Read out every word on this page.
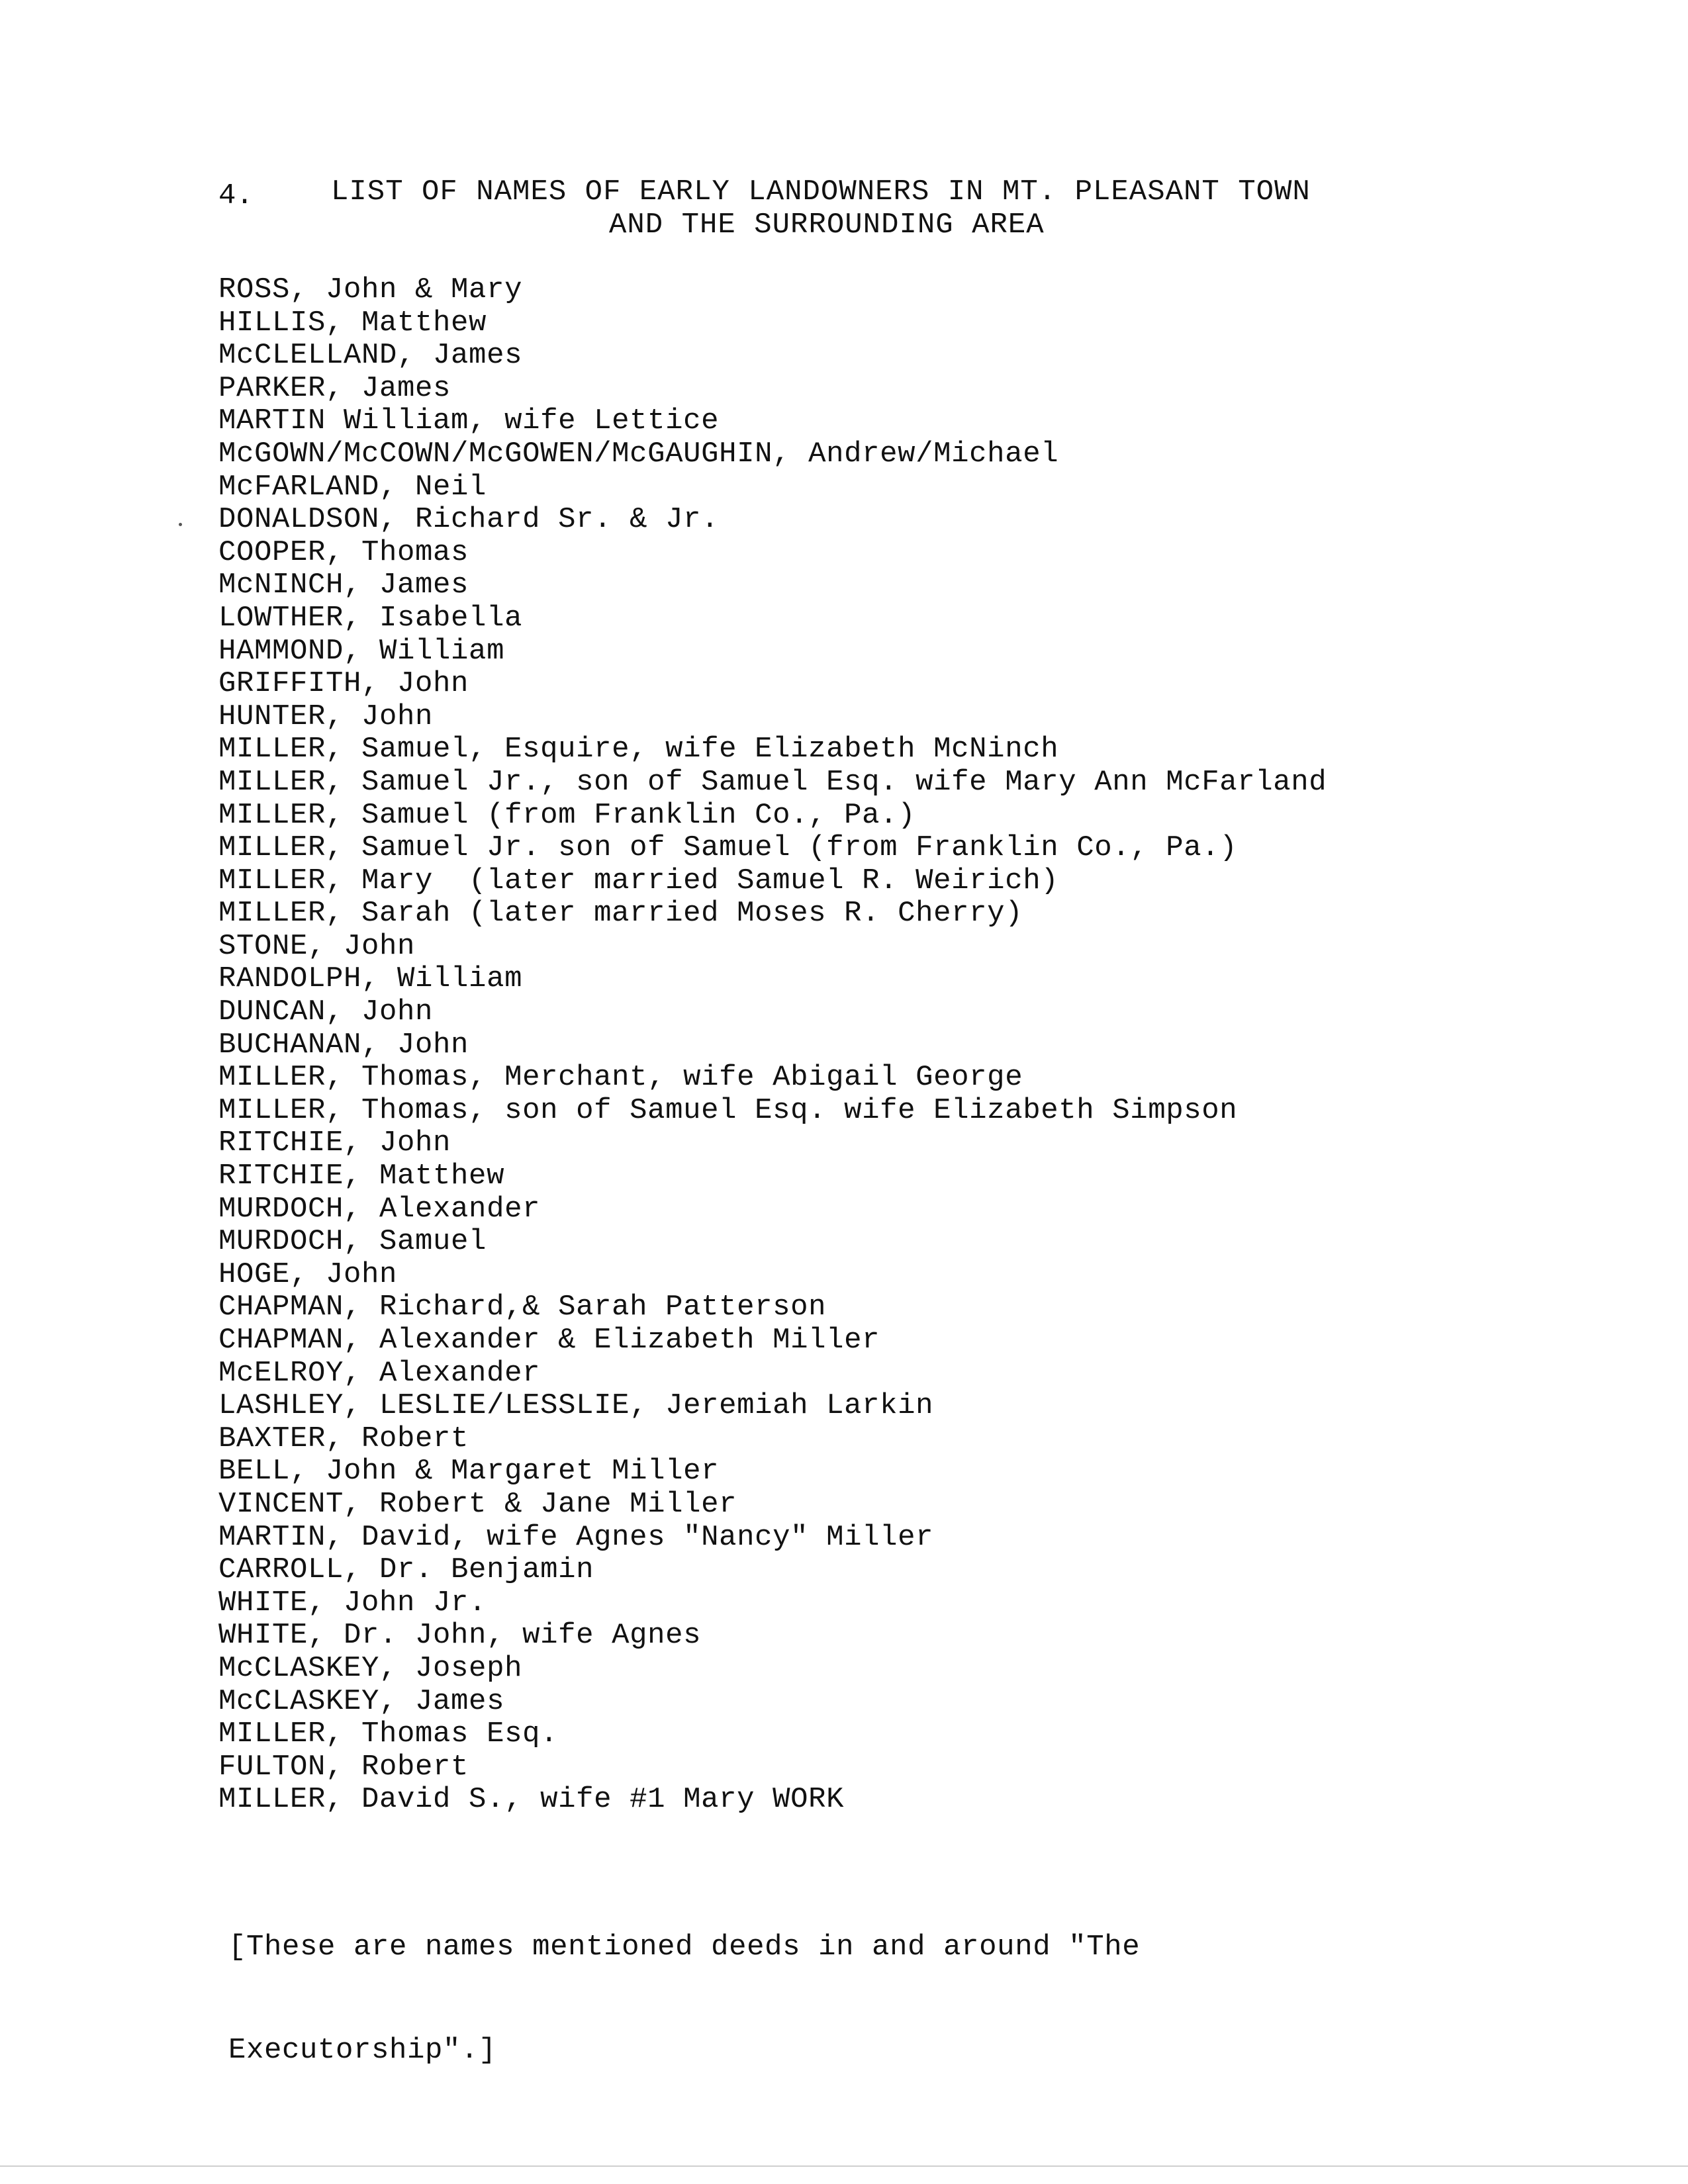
4.	LIST OF NAMES OF EARLY LANDOWNERS IN MT. PLEASANT TOWN
AND THE SURROUNDING AREA
ROSS, John & Mary
HILLIS, Matthew
McCLELLAND, James
PARKER, James
MARTIN William, wife Lettice
McGOWN/McCOWN/McGOWEN/McGAUGHIN, Andrew/Michael
McFARLAND, Neil
DONALDSON, Richard Sr. & Jr.
COOPER, Thomas
McNINCH, James
LOWTHER, Isabella
HAMMOND, William
GRIFFITH, John
HUNTER, John
MILLER, Samuel, Esquire, wife Elizabeth McNinch
MILLER, Samuel Jr., son of Samuel Esq. wife Mary Ann McFarland
MILLER, Samuel (from Franklin Co., Pa.)
MILLER, Samuel Jr. son of Samuel (from Franklin Co., Pa.)
MILLER, Mary  (later married Samuel R. Weirich)
MILLER, Sarah (later married Moses R. Cherry)
STONE, John
RANDOLPH, William
DUNCAN, John
BUCHANAN, John
MILLER, Thomas, Merchant, wife Abigail George
MILLER, Thomas, son of Samuel Esq. wife Elizabeth Simpson
RITCHIE, John
RITCHIE, Matthew
MURDOCH, Alexander
MURDOCH, Samuel
HOGE, John
CHAPMAN, Richard,& Sarah Patterson
CHAPMAN, Alexander & Elizabeth Miller
McELROY, Alexander
LASHLEY, LESLIE/LESSLIE, Jeremiah Larkin
BAXTER, Robert
BELL, John & Margaret Miller
VINCENT, Robert & Jane Miller
MARTIN, David, wife Agnes "Nancy" Miller
CARROLL, Dr. Benjamin
WHITE, John Jr.
WHITE, Dr. John, wife Agnes
McCLASKEY, Joseph
McCLASKEY, James
MILLER, Thomas Esq.
FULTON, Robert
MILLER, David S., wife #1 Mary WORK

[These are names mentioned deeds in and around "The

Executorship".]
